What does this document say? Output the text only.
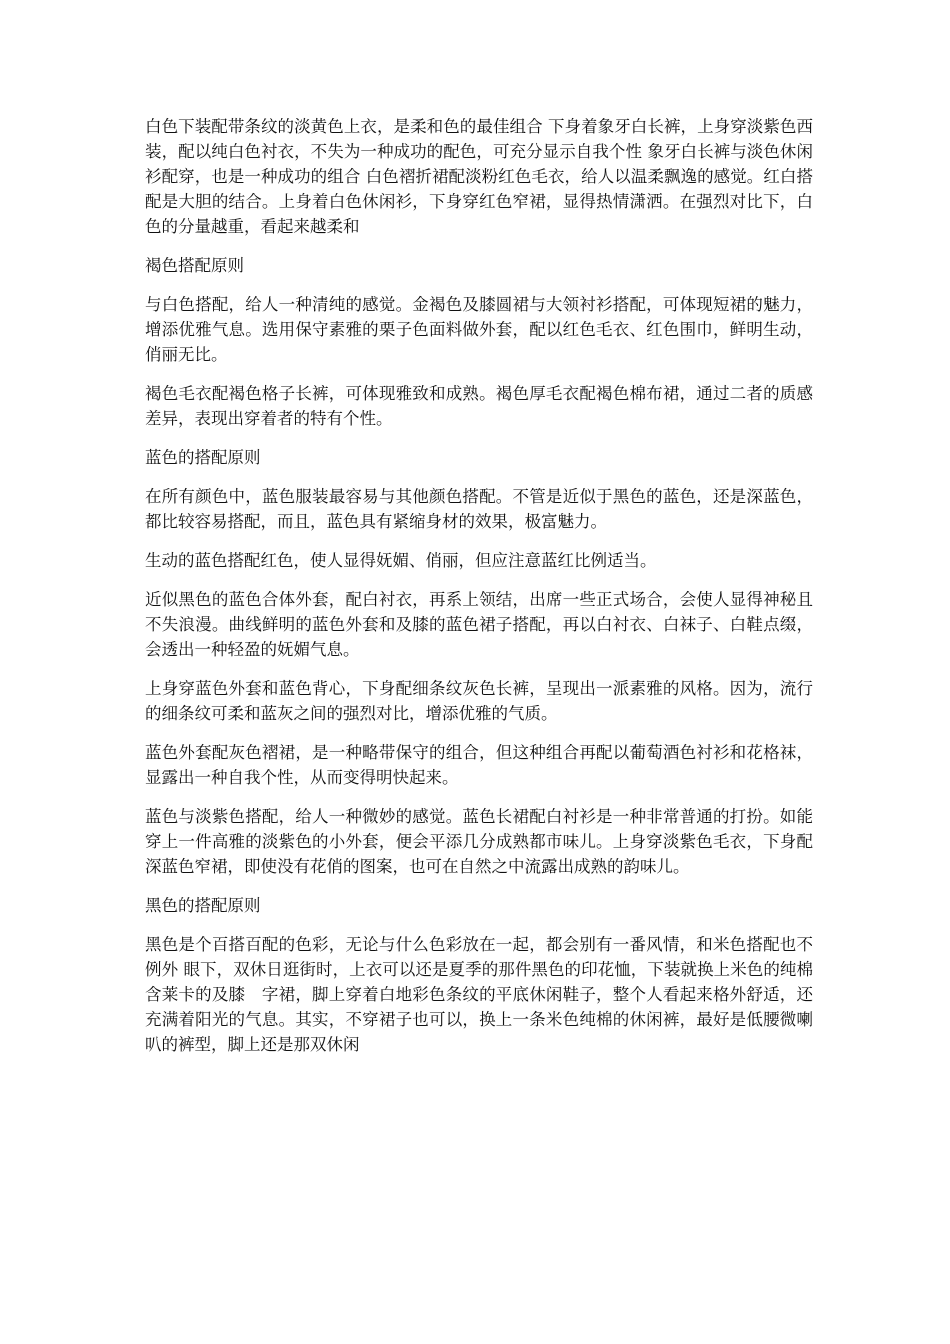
白色下装配带条纹的淡黄色上衣，是柔和色的最佳组合 下身着象牙白长裤，上身穿淡紫色西装，配以纯白色衬衣，不失为一种成功的配色，可充分显示自我个性 象牙白长裤与淡色休闲衫配穿，也是一种成功的组合 白色褶折裙配淡粉红色毛衣，给人以温柔飘逸的感觉。红白搭配是大胆的结合。上身着白色休闲衫，下身穿红色窄裙，显得热情潇洒。在强烈对比下，白色的分量越重，看起来越柔和

褐色搭配原则

与白色搭配，给人一种清纯的感觉。金褐色及膝圆裙与大领衬衫搭配，可体现短裙的魅力，增添优雅气息。选用保守素雅的栗子色面料做外套，配以红色毛衣、红色围巾，鲜明生动，俏丽无比。

褐色毛衣配褐色格子长裤，可体现雅致和成熟。褐色厚毛衣配褐色棉布裙，通过二者的质感差异，表现出穿着者的特有个性。

蓝色的搭配原则

在所有颜色中，蓝色服装最容易与其他颜色搭配。不管是近似于黑色的蓝色，还是深蓝色，都比较容易搭配，而且，蓝色具有紧缩身材的效果，极富魅力。

生动的蓝色搭配红色，使人显得妩媚、俏丽，但应注意蓝红比例适当。

近似黑色的蓝色合体外套，配白衬衣，再系上领结，出席一些正式场合，会使人显得神秘且不失浪漫。曲线鲜明的蓝色外套和及膝的蓝色裙子搭配，再以白衬衣、白袜子、白鞋点缀，会透出一种轻盈的妩媚气息。

上身穿蓝色外套和蓝色背心，下身配细条纹灰色长裤，呈现出一派素雅的风格。因为，流行的细条纹可柔和蓝灰之间的强烈对比，增添优雅的气质。

蓝色外套配灰色褶裙，是一种略带保守的组合，但这种组合再配以葡萄酒色衬衫和花格袜，显露出一种自我个性，从而变得明快起来。

蓝色与淡紫色搭配，给人一种微妙的感觉。蓝色长裙配白衬衫是一种非常普通的打扮。如能穿上一件高雅的淡紫色的小外套，便会平添几分成熟都市味儿。上身穿淡紫色毛衣，下身配深蓝色窄裙，即使没有花俏的图案，也可在自然之中流露出成熟的韵味儿。

黑色的搭配原则

黑色是个百搭百配的色彩，无论与什么色彩放在一起，都会别有一番风情，和米色搭配也不例外 眼下，双休日逛街时，上衣可以还是夏季的那件黑色的印花恤，下装就换上米色的纯棉含莱卡的及膝　字裙，脚上穿着白地彩色条纹的平底休闲鞋子，整个人看起来格外舒适，还充满着阳光的气息。其实，不穿裙子也可以，换上一条米色纯棉的休闲裤，最好是低腰微喇叭的裤型，脚上还是那双休闲
